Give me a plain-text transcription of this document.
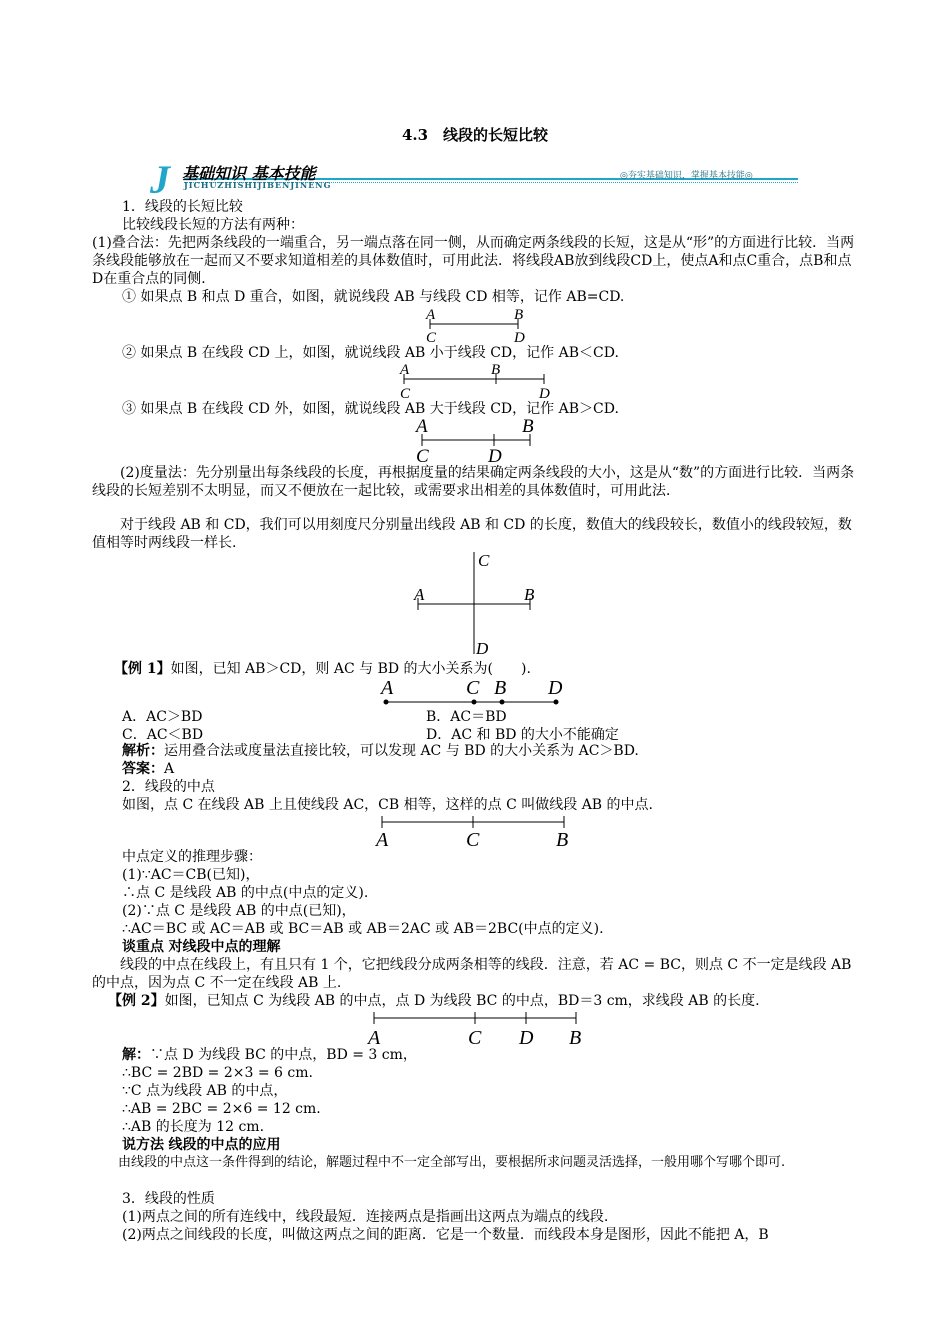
4.3　线段的长短比较
J 基础知识 基本技能
JICHUZHISHIJIBENJINENG
◎夯实基础知识，掌握基本技能◎
1．线段的长短比较
比较线段长短的方法有两种：
(1)叠合法：先把两条线段的一端重合，另一端点落在同一侧，从而确定两条线段的长短，这是从“形”的方面进行比较．当两条线段能够放在一起而又不要求知道相差的具体数值时，可用此法．将线段AB放到线段CD上，使点A和点C重合，点B和点D在重合点的同侧．
① 如果点 B 和点 D 重合，如图，就说线段 AB 与线段 CD 相等，记作 AB=CD.
A	B
C	D
② 如果点 B 在线段 CD 上，如图，就说线段 AB 小于线段 CD，记作 AB＜CD.
A	B
C	D
③ 如果点 B 在线段 CD 外，如图，就说线段 AB 大于线段 CD，记作 AB＞CD.
A	B
C	D
(2)度量法：先分别量出每条线段的长度，再根据度量的结果确定两条线段的大小，这是从“数”的方面进行比较．当两条线段的长短差别不太明显，而又不便放在一起比较，或需要求出相差的具体数值时，可用此法．
对于线段 AB 和 CD，我们可以用刻度尺分别量出线段 AB 和 CD 的长度，数值大的线段较长，数值小的线段较短，数值相等时两线段一样长.
C
A	B
D
【例 1】如图，已知 AB＞CD，则 AC 与 BD 的大小关系为(　　).
A	C B D
A．AC＞BD	B．AC＝BD
C．AC＜BD	D．AC 和 BD 的大小不能确定
解析：运用叠合法或度量法直接比较，可以发现 AC 与 BD 的大小关系为 AC＞BD.
答案：A
2．线段的中点
如图，点 C 在线段 AB 上且使线段 AC，CB 相等，这样的点 C 叫做线段 AB 的中点.
A	C	B
中点定义的推理步骤：
(1)∵AC＝CB(已知)，
∴点 C 是线段 AB 的中点(中点的定义).
(2)∵点 C 是线段 AB 的中点(已知)，
∴AC＝BC 或 AC＝AB 或 BC＝AB 或 AB＝2AC 或 AB＝2BC(中点的定义).
谈重点 对线段中点的理解
线段的中点在线段上，有且只有 1 个，它把线段分成两条相等的线段．注意，若 AC = BC，则点 C 不一定是线段 AB 的中点，因为点 C 不一定在线段 AB 上.
【例 2】如图，已知点 C 为线段 AB 的中点，点 D 为线段 BC 的中点，BD＝3 cm，求线段 AB 的长度.
A	C D B
解：∵点 D 为线段 BC 的中点，BD = 3 cm，
∴BC = 2BD = 2×3 = 6 cm.
∵C 点为线段 AB 的中点，
∴AB = 2BC = 2×6 = 12 cm.
∴AB 的长度为 12 cm.
说方法 线段的中点的应用
由线段的中点这一条件得到的结论，解题过程中不一定全部写出，要根据所求问题灵活选择，一般用哪个写哪个即可.
3．线段的性质
(1)两点之间的所有连线中，线段最短．连接两点是指画出这两点为端点的线段.
(2)两点之间线段的长度，叫做这两点之间的距离．它是一个数量．而线段本身是图形，因此不能把 A，B
